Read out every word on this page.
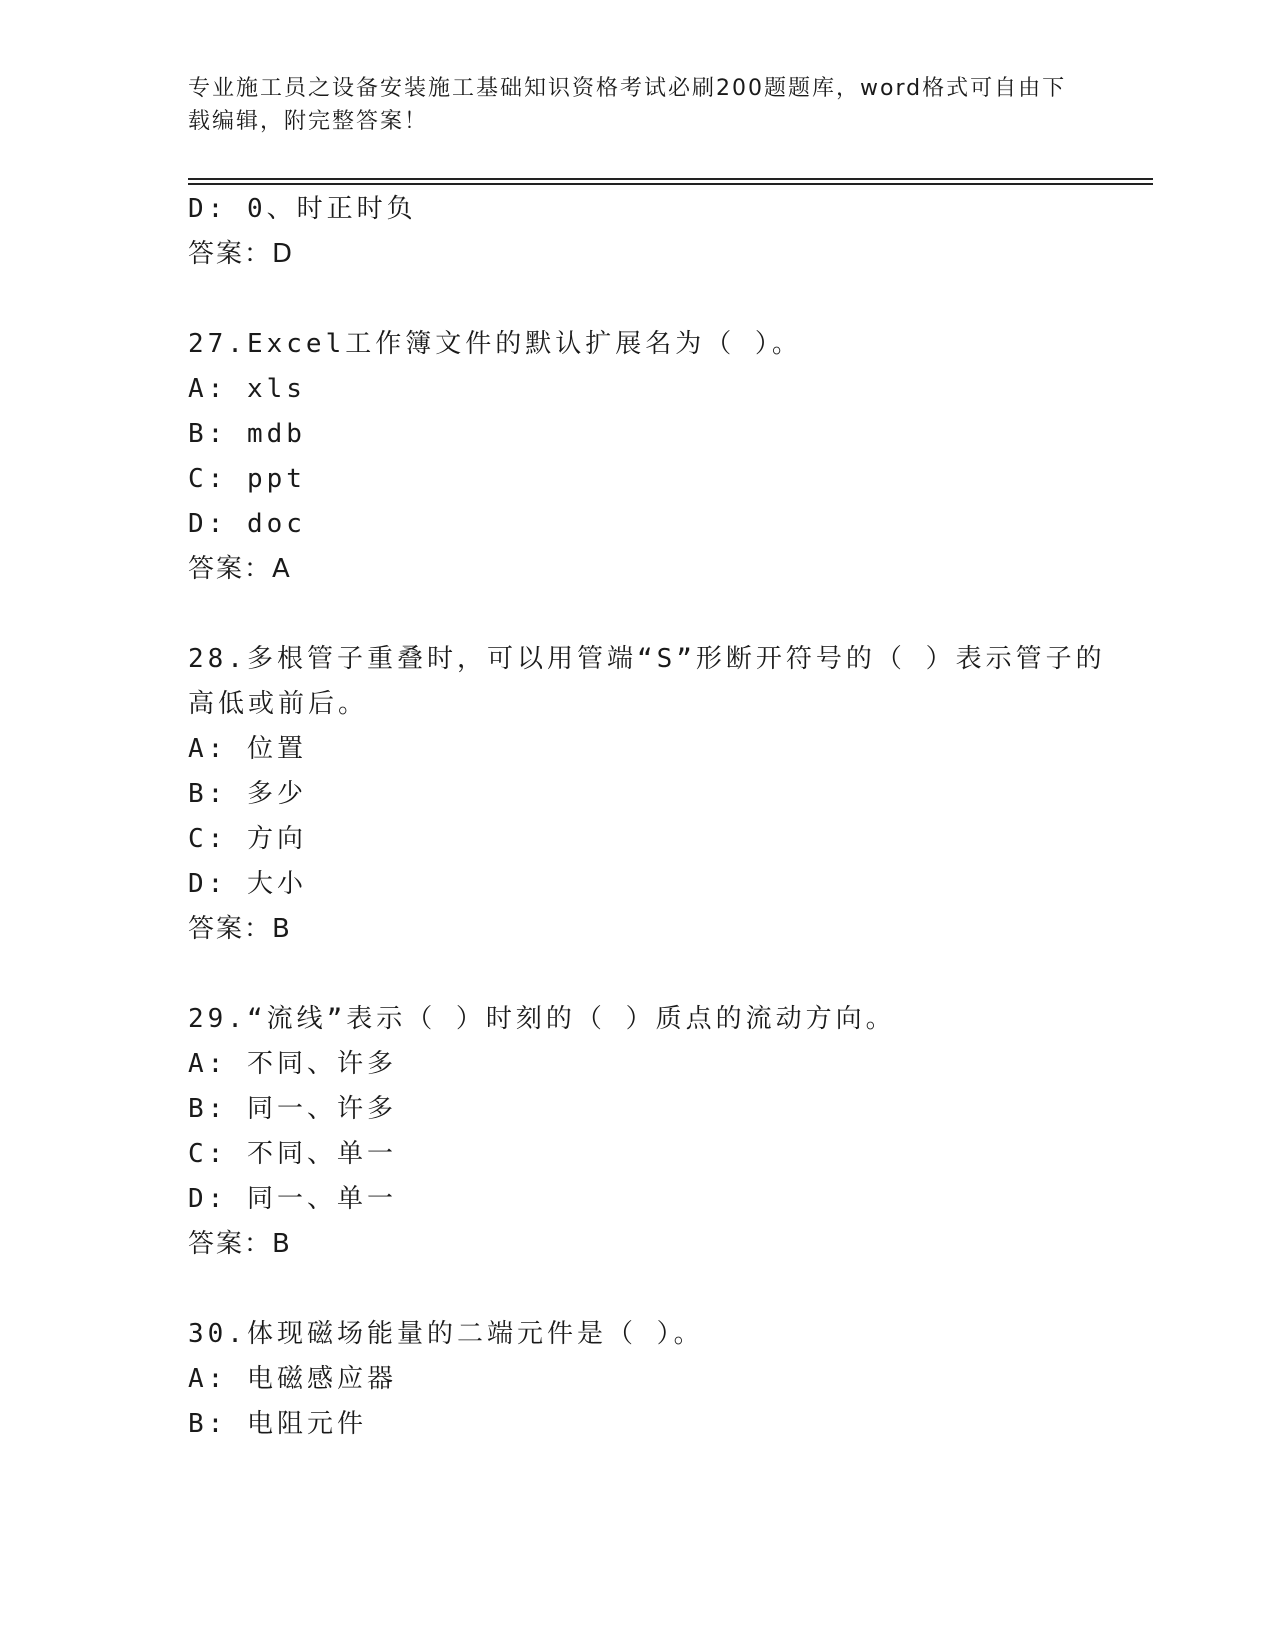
专业施工员之设备安装施工基础知识资格考试必刷200题题库，word格式可自由下载编辑，附完整答案！
D: 0、时正时负
答案：D
27.Excel工作簿文件的默认扩展名为（ ）。
A: xls
B: mdb
C: ppt
D: doc
答案：A
28.多根管子重叠时，可以用管端“S”形断开符号的（ ）表示管子的
高低或前后。
A: 位置
B: 多少
C: 方向
D: 大小
答案：B
29.“流线”表示（ ）时刻的（ ）质点的流动方向。
A: 不同、许多
B: 同一、许多
C: 不同、单一
D: 同一、单一
答案：B
30.体现磁场能量的二端元件是（ ）。
A: 电磁感应器
B: 电阻元件
